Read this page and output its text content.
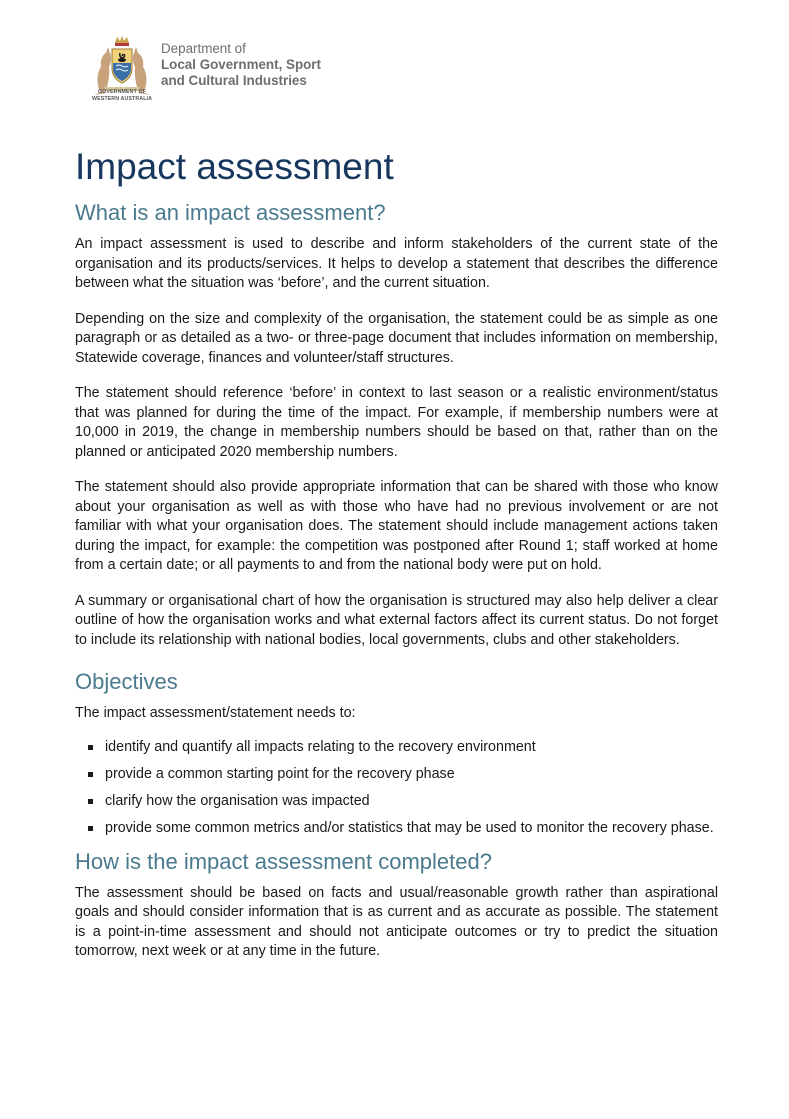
GOVERNMENT OF
WESTERN AUSTRALIA
Department of
Local Government, Sport
and Cultural Industries
Impact assessment
What is an impact assessment?

An impact assessment is used to describe and inform stakeholders of the current state of the organisation and its products/services. It helps to develop a statement that describes the difference between what the situation was ‘before’, and the current situation.

Depending on the size and complexity of the organisation, the statement could be as simple as one paragraph or as detailed as a two- or three-page document that includes information on membership, Statewide coverage, finances and volunteer/staff structures.

The statement should reference ‘before’ in context to last season or a realistic environment/status that was planned for during the time of the impact. For example, if membership numbers were at 10,000 in 2019, the change in membership numbers should be based on that, rather than on the planned or anticipated 2020 membership numbers.

The statement should also provide appropriate information that can be shared with those who know about your organisation as well as with those who have had no previous involvement or are not familiar with what your organisation does. The statement should include management actions taken during the impact, for example: the competition was postponed after Round 1; staff worked at home from a certain date; or all payments to and from the national body were put on hold.

A summary or organisational chart of how the organisation is structured may also help deliver a clear outline of how the organisation works and what external factors affect its current status. Do not forget to include its relationship with national bodies, local governments, clubs and other stakeholders.

Objectives

The impact assessment/statement needs to:

identify and quantify all impacts relating to the recovery environment
provide a common starting point for the recovery phase
clarify how the organisation was impacted
provide some common metrics and/or statistics that may be used to monitor the recovery phase.
How is the impact assessment completed?

The assessment should be based on facts and usual/reasonable growth rather than aspirational goals and should consider information that is as current and as accurate as possible. The statement is a point-in-time assessment and should not anticipate outcomes or try to predict the situation tomorrow, next week or at any time in the future.
